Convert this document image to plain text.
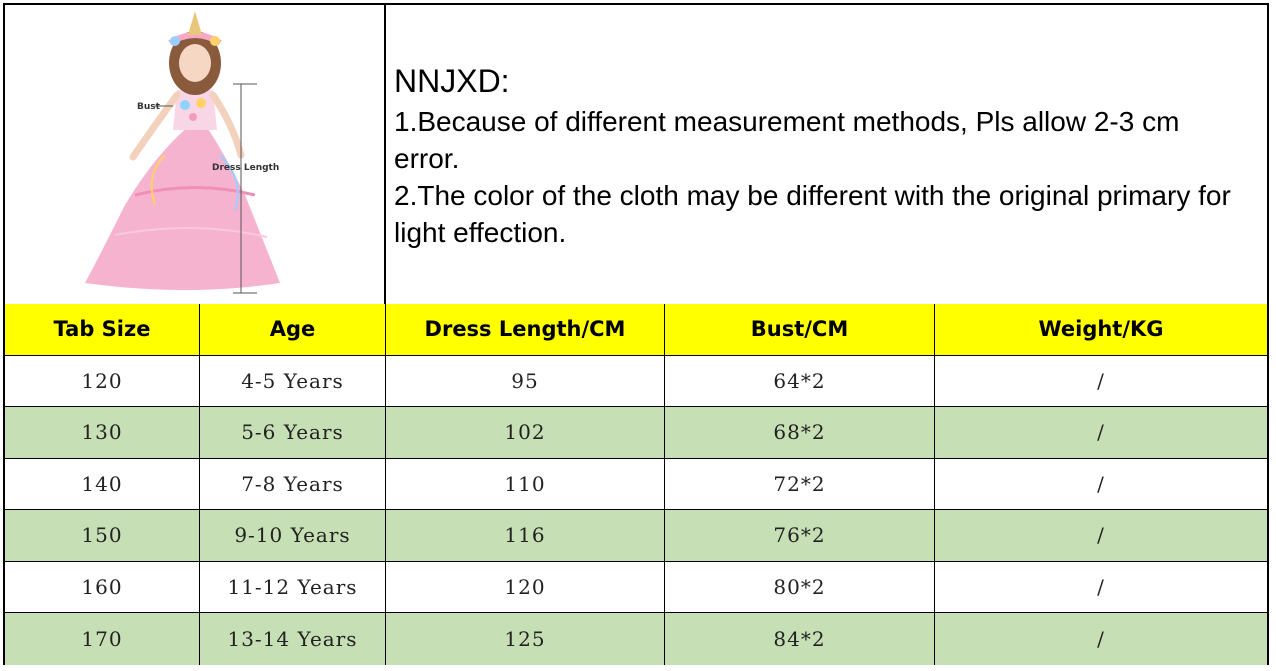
Bust
Dress Length
NNJXD:
1.Because of different measurement methods, Pls allow 2-3 cm error.
2.The color of the cloth may be different with the original primary for light effection.
Tab Size	Age	Dress Length/CM	Bust/CM	Weight/KG
120	4-5 Years	95	64*2	/
130	5-6 Years	102	68*2	/
140	7-8 Years	110	72*2	/
150	9-10 Years	116	76*2	/
160	11-12 Years	120	80*2	/
170	13-14 Years	125	84*2	/
